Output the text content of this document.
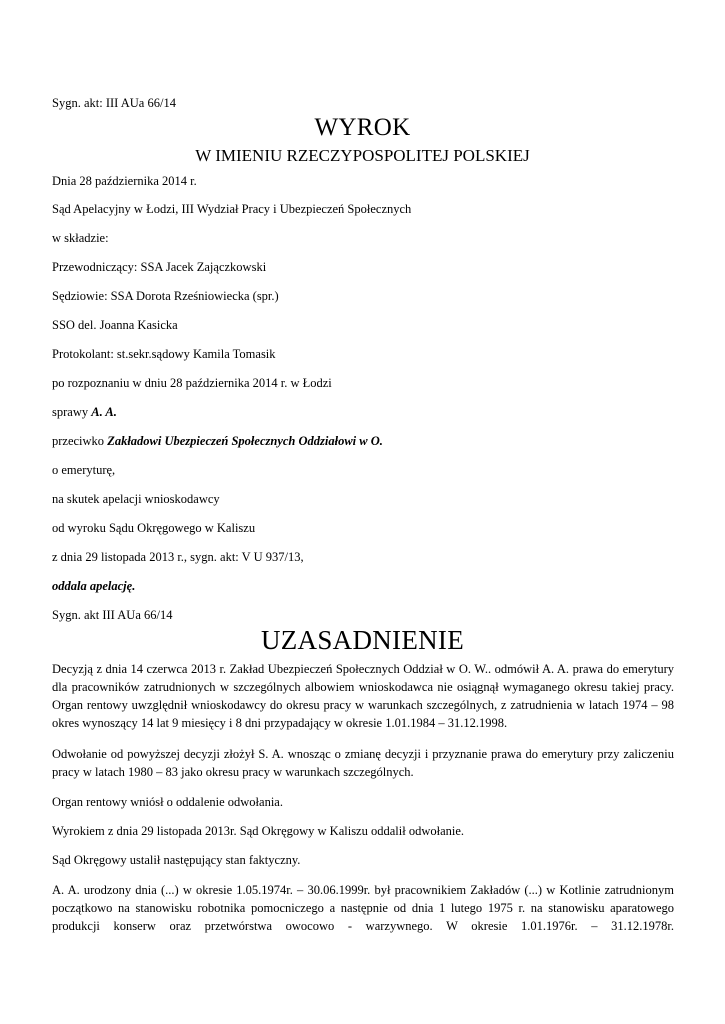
Sygn. akt: III AUa 66/14
WYROK
W IMIENIU RZECZYPOSPOLITEJ POLSKIEJ
Dnia 28 października 2014 r.
Sąd Apelacyjny w Łodzi, III Wydział Pracy i Ubezpieczeń Społecznych
w składzie:
Przewodniczący: SSA Jacek Zajączkowski
Sędziowie: SSA Dorota Rześniowiecka (spr.)
SSO del. Joanna Kasicka
Protokolant: st.sekr.sądowy Kamila Tomasik
po rozpoznaniu w dniu 28 października 2014 r. w Łodzi
sprawy A. A.
przeciwko Zakładowi Ubezpieczeń Społecznych Oddziałowi w O.
o emeryturę,
na skutek apelacji wnioskodawcy
od wyroku Sądu Okręgowego w Kaliszu
z dnia 29 listopada 2013 r., sygn. akt: V U 937/13,
oddala apelację.
Sygn. akt III AUa 66/14
UZASADNIENIE
Decyzją z dnia 14 czerwca 2013 r. Zakład Ubezpieczeń Społecznych Oddział w O. W.. odmówił A. A. prawa do emerytury dla pracowników zatrudnionych w szczególnych albowiem wnioskodawca nie osiągnął wymaganego okresu takiej pracy. Organ rentowy uwzględnił wnioskodawcy do okresu pracy w warunkach szczególnych, z zatrudnienia w latach 1974 – 98 okres wynoszący 14 lat 9 miesięcy i 8 dni przypadający w okresie 1.01.1984 – 31.12.1998.
Odwołanie od powyższej decyzji złożył S. A. wnosząc o zmianę decyzji i przyznanie prawa do emerytury przy zaliczeniu pracy w latach 1980 – 83 jako okresu pracy w warunkach szczególnych.
Organ rentowy wniósł o oddalenie odwołania.
Wyrokiem z dnia 29 listopada 2013r. Sąd Okręgowy w Kaliszu oddalił odwołanie.
Sąd Okręgowy ustalił następujący stan faktyczny.
A. A. urodzony dnia (...) w okresie 1.05.1974r. – 30.06.1999r. był pracownikiem Zakładów (...) w Kotlinie zatrudnionym początkowo na stanowisku robotnika pomocniczego a następnie od dnia 1 lutego 1975 r. na stanowisku aparatowego produkcji konserw oraz przetwórstwa owocowo - warzywnego. W okresie 1.01.1976r. – 31.12.1978r.
